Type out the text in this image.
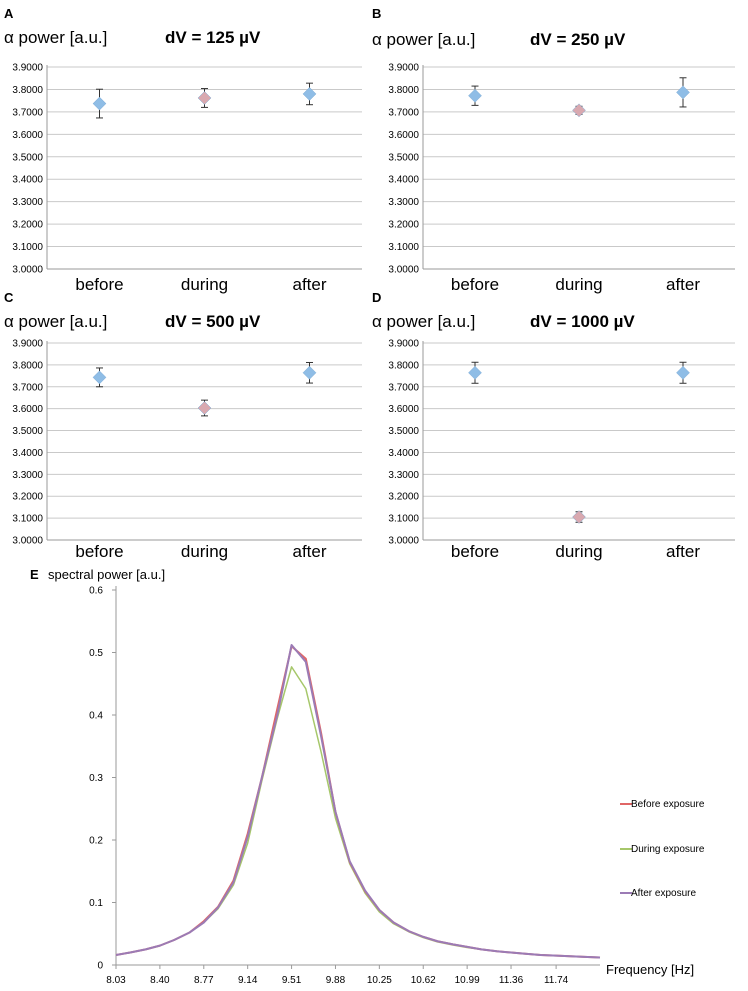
A
α power [a.u.]	dV = 125 µV
3.9000
3.8000
3.7000
3.6000
3.5000
3.4000
3.3000
3.2000
3.1000
3.0000
before	during	after
B
α power [a.u.]	dV = 250 µV
3.9000
3.8000
3.7000
3.6000
3.5000
3.4000
3.3000
3.2000
3.1000
3.0000
before	during	after
C
α power [a.u.]	dV = 500 µV
3.9000
3.8000
3.7000
3.6000
3.5000
3.4000
3.3000
3.2000
3.1000
3.0000
before	during	after
D
α power [a.u.]	dV = 1000 µV
3.9000
3.8000
3.7000
3.6000
3.5000
3.4000
3.3000
3.2000
3.1000
3.0000
before	during	after
E spectral power [a.u.]
Frequency [Hz]
0
0.1
0.2
0.3
0.4
0.5
0.6
8.03 8.40 8.77 9.14 9.51 9.88 10.25 10.62 10.99 11.36 11.74
Before exposure
During exposure
After exposure
